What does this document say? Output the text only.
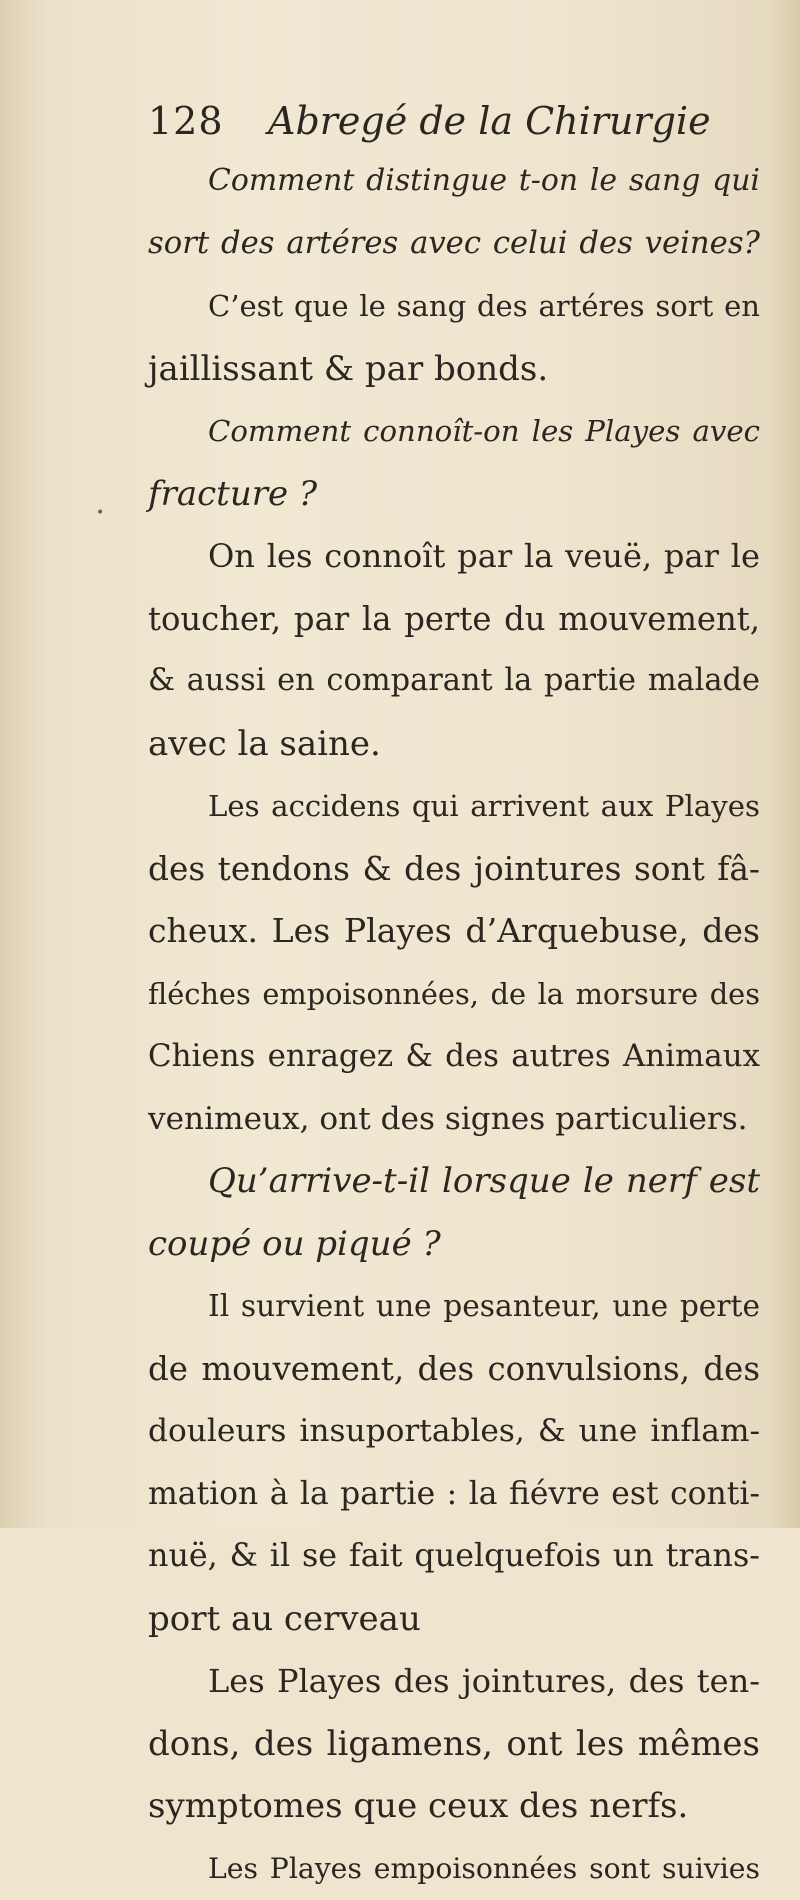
•
128 Abregé de la Chirurgie
Comment distingue t-on le sang qui
sort des artéres avec celui des veines?
C’est que le sang des artéres sort en
jaillissant & par bonds.
Comment connoît-on les Playes avec
fracture ?
On les connoît par la veuë, par le
toucher, par la perte du mouvement,
& aussi en comparant la partie malade
avec la saine.
Les accidens qui arrivent aux Playes
des tendons & des jointures sont fâ-
cheux. Les Playes d’Arquebuse, des
fléches empoisonnées, de la morsure des
Chiens enragez & des autres Animaux
venimeux, ont des signes particuliers.
Qu’arrive-t-il lorsque le nerf est
coupé ou piqué ?
Il survient une pesanteur, une perte
de mouvement, des convulsions, des
douleurs insuportables, & une inflam-
mation à la partie : la fiévre est conti-
nuë, & il se fait quelquefois un trans-
port au cerveau
Les Playes des jointures, des ten-
dons, des ligamens, ont les mêmes
symptomes que ceux des nerfs.
Les Playes empoisonnées sont suivies
